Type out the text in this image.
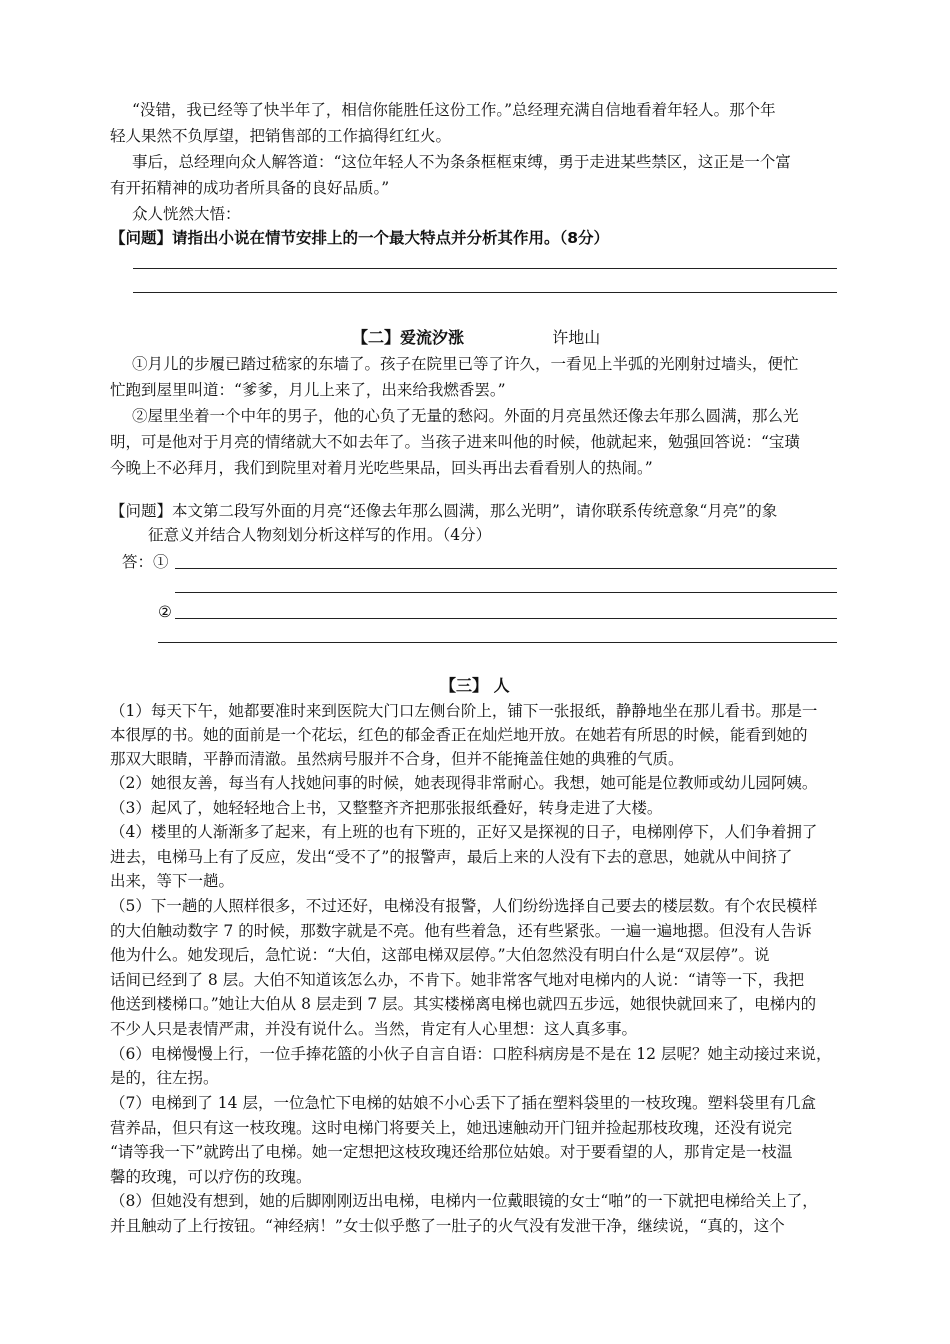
“没错，我已经等了快半年了，相信你能胜任这份工作。”总经理充满自信地看着年轻人。那个年
轻人果然不负厚望，把销售部的工作搞得红红火。
事后，总经理向众人解答道：“这位年轻人不为条条框框束缚，勇于走进某些禁区，这正是一个富
有开拓精神的成功者所具备的良好品质。”
众人恍然大悟：
【问题】请指出小说在情节安排上的一个最大特点并分析其作用。（8分）
【二】爱流汐涨	许地山
①月儿的步履已踏过嵇家的东墙了。孩子在院里已等了许久，一看见上半弧的光刚射过墙头，便忙
忙跑到屋里叫道：“爹爹，月儿上来了，出来给我燃香罢。”
②屋里坐着一个中年的男子，他的心负了无量的愁闷。外面的月亮虽然还像去年那么圆满，那么光
明，可是他对于月亮的情绪就大不如去年了。当孩子进来叫他的时候，他就起来，勉强回答说：“宝璜
今晚上不必拜月，我们到院里对着月光吃些果品，回头再出去看看别人的热闹。”
【问题】本文第二段写外面的月亮“还像去年那么圆满，那么光明”，请你联系传统意象“月亮”的象
征意义并结合人物刻划分析这样写的作用。（4分）
答：①
②
【三】 人
（1）每天下午，她都要准时来到医院大门口左侧台阶上，铺下一张报纸，静静地坐在那儿看书。那是一
本很厚的书。她的面前是一个花坛，红色的郁金香正在灿烂地开放。在她若有所思的时候，能看到她的
那双大眼睛，平静而清澈。虽然病号服并不合身，但并不能掩盖住她的典雅的气质。
（2）她很友善，每当有人找她问事的时候，她表现得非常耐心。我想，她可能是位教师或幼儿园阿姨。
（3）起风了，她轻轻地合上书，又整整齐齐把那张报纸叠好，转身走进了大楼。
（4）楼里的人渐渐多了起来，有上班的也有下班的，正好又是探视的日子，电梯刚停下，人们争着拥了
进去，电梯马上有了反应，发出“受不了”的报警声，最后上来的人没有下去的意思，她就从中间挤了
出来，等下一趟。
（5）下一趟的人照样很多，不过还好，电梯没有报警，人们纷纷选择自己要去的楼层数。有个农民模样
的大伯触动数字 7 的时候，那数字就是不亮。他有些着急，还有些紧张。一遍一遍地摁。但没有人告诉
他为什么。她发现后，急忙说：“大伯，这部电梯双层停。”大伯忽然没有明白什么是“双层停”。说
话间已经到了 8 层。大伯不知道该怎么办，不肯下。她非常客气地对电梯内的人说：“请等一下，我把
他送到楼梯口。”她让大伯从 8 层走到 7 层。其实楼梯离电梯也就四五步远，她很快就回来了，电梯内的
不少人只是表情严肃，并没有说什么。当然，肯定有人心里想：这人真多事。
（6）电梯慢慢上行，一位手捧花篮的小伙子自言自语：口腔科病房是不是在 12 层呢？她主动接过来说，
是的，往左拐。
（7）电梯到了 14 层，一位急忙下电梯的姑娘不小心丢下了插在塑料袋里的一枝玫瑰。塑料袋里有几盒
营养品，但只有这一枝玫瑰。这时电梯门将要关上，她迅速触动开门钮并捡起那枝玫瑰，还没有说完
“请等我一下”就跨出了电梯。她一定想把这枝玫瑰还给那位姑娘。对于要看望的人，那肯定是一枝温
馨的玫瑰，可以疗伤的玫瑰。
（8）但她没有想到，她的后脚刚刚迈出电梯，电梯内一位戴眼镜的女士“啪”的一下就把电梯给关上了，
并且触动了上行按钮。“神经病！”女士似乎憋了一肚子的火气没有发泄干净，继续说，“真的，这个
